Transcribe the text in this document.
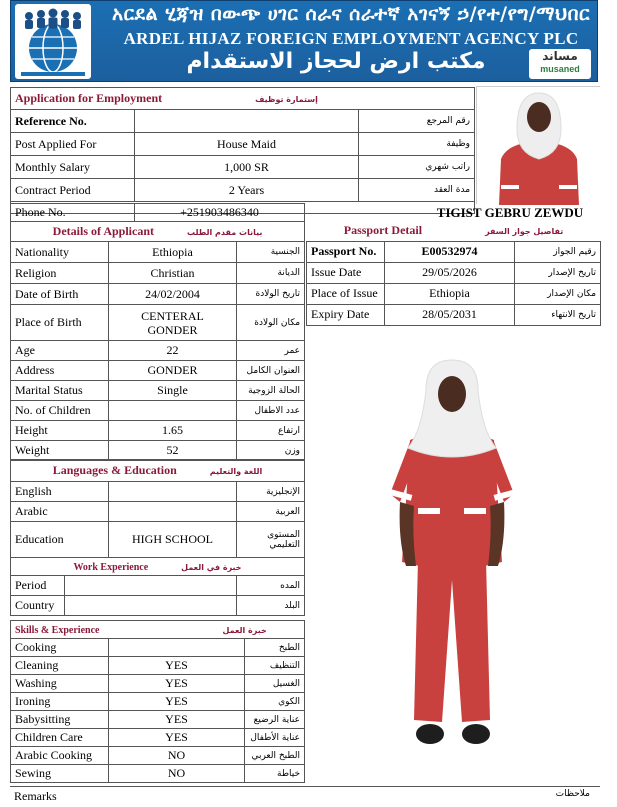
አርደል ሂጃዝ በውጭ ሀገር ሰራና ሰራተኛ አገናኝ ኃ/የተ/የግ/ማህበር
ARDEL HIJAZ FOREIGN EMPLOYMENT AGENCY PLC
مكتب ارض لحجاز الاستقدام	مساند
musaned
Application for Employment إستمارة توظيف		
Reference No.		رقم المرجع
Post Applied For	House Maid	وظيفة
Monthly Salary	1,000 SR	راتب شهري
Contract Period	2 Years	مدة العقد

Phone No.	+251903486340	TIGIST GEBRU ZEWDU
Details of Applicant بيانات مقدم الطلب		
Nationality	Ethiopia	الجنسية
Religion	Christian	الديانة
Date of Birth	24/02/2004	تاريخ الولادة
Place of Birth	CENTERAL GONDER	مكان الولادة
Age	22	عمر
Address	GONDER	العنوان الكامل
Marital Status	Single	الحالة الزوجية
No. of Children		عدد الاطفال
Height	1.65	ارتفاع
Weight	52	وزن
Passport Detail تفاصيل جواز السفر		
Passport No.	E00532974	رقيم الجواز
Issue Date	29/05/2026	تاريخ الإصدار
Place of Issue	Ethiopia	مكان الإصدار
Expiry Date	28/05/2031	تاريخ الانتهاء
Languages & Education اللغة والتعليم		
English		الإنجليزية
Arabic		العربية
Education	HIGH SCHOOL	المستوى التعليمي
Work Experience خبرة في العمل		
Period		المده
Country		البلد
Skills & Experience خبرة العمل		
Cooking		الطبخ
Cleaning	YES	التنظيف
Washing	YES	الغسيل
Ironing	YES	الكوي
Babysitting	YES	عناية الرضيع
Children Care	YES	عناية الأطفال
Arabic Cooking	NO	الطبخ العربي
Sewing	NO	خياطة
Remarks	ملاحظات
